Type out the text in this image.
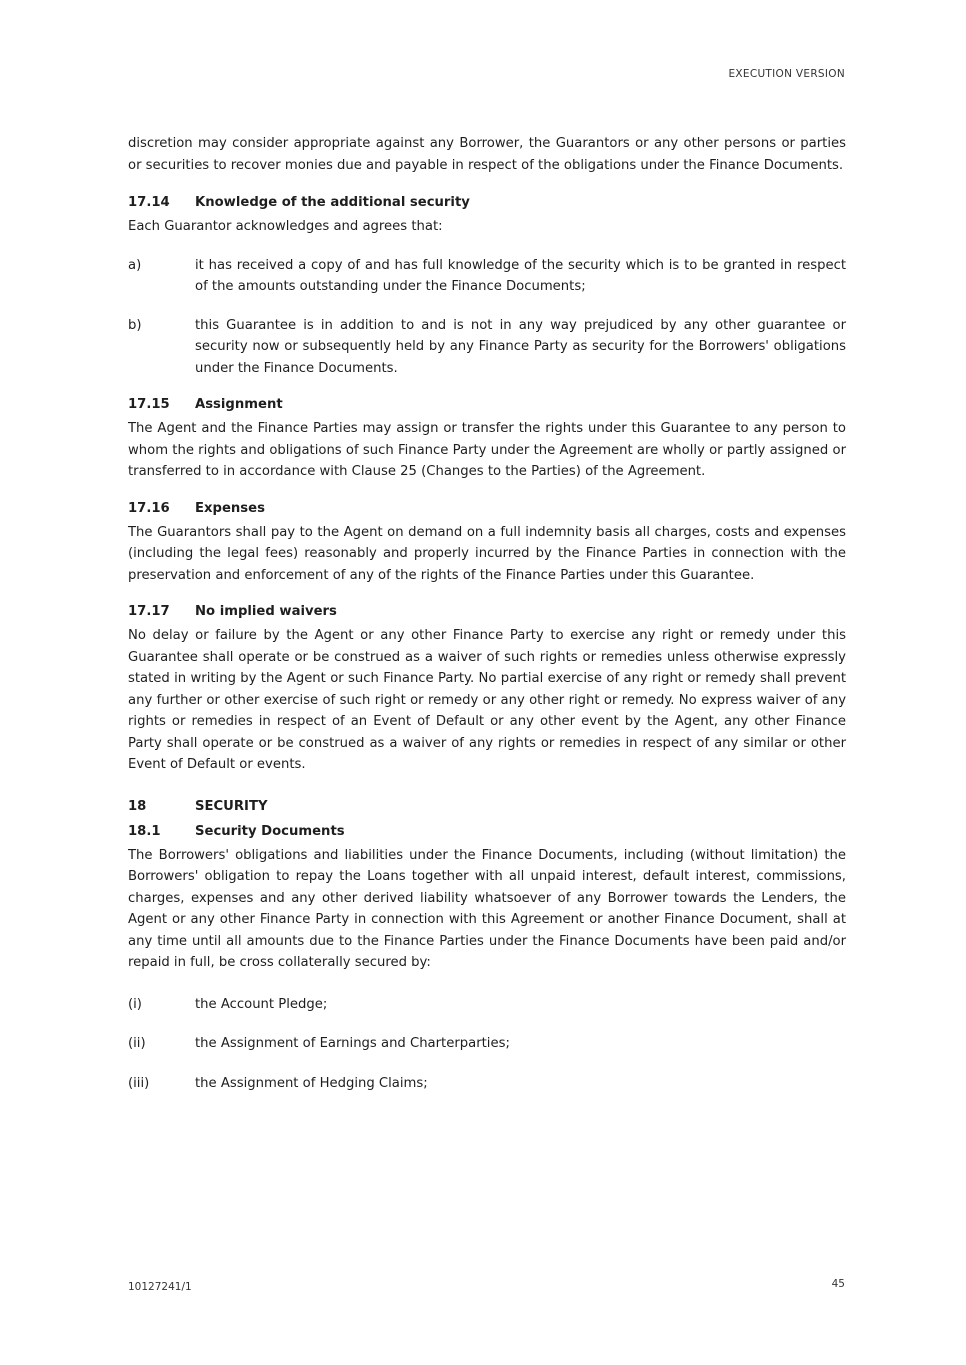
EXECUTION VERSION

discretion may consider appropriate against any Borrower, the Guarantors or any other persons or parties or securities to recover monies due and payable in respect of the obligations under the Finance Documents.

17.14	Knowledge of the additional security

Each Guarantor acknowledges and agrees that:

a)	it has received a copy of and has full knowledge of the security which is to be granted in respect of the amounts outstanding under the Finance Documents;
b)	this Guarantee is in addition to and is not in any way prejudiced by any other guarantee or security now or subsequently held by any Finance Party as security for the Borrowers' obligations under the Finance Documents.
17.15	Assignment

The Agent and the Finance Parties may assign or transfer the rights under this Guarantee to any person to whom the rights and obligations of such Finance Party under the Agreement are wholly or partly assigned or transferred to in accordance with Clause 25 (Changes to the Parties) of the Agreement.

17.16	Expenses

The Guarantors shall pay to the Agent on demand on a full indemnity basis all charges, costs and expenses (including the legal fees) reasonably and properly incurred by the Finance Parties in connection with the preservation and enforcement of any of the rights of the Finance Parties under this Guarantee.

17.17	No implied waivers

No delay or failure by the Agent or any other Finance Party to exercise any right or remedy under this Guarantee shall operate or be construed as a waiver of such rights or remedies unless otherwise expressly stated in writing by the Agent or such Finance Party. No partial exercise of any right or remedy shall prevent any further or other exercise of such right or remedy or any other right or remedy. No express waiver of any rights or remedies in respect of an Event of Default or any other event by the Agent, any other Finance Party shall operate or be construed as a waiver of any rights or remedies in respect of any similar or other Event of Default or events.

18	SECURITY
18.1	Security Documents

The Borrowers' obligations and liabilities under the Finance Documents, including (without limitation) the Borrowers' obligation to repay the Loans together with all unpaid interest, default interest, commissions, charges, expenses and any other derived liability whatsoever of any Borrower towards the Lenders, the Agent or any other Finance Party in connection with this Agreement or another Finance Document, shall at any time until all amounts due to the Finance Parties under the Finance Documents have been paid and/or repaid in full, be cross collaterally secured by:

(i)	the Account Pledge;
(ii)	the Assignment of Earnings and Charterparties;
(iii)	the Assignment of Hedging Claims;
10127241/1	45
